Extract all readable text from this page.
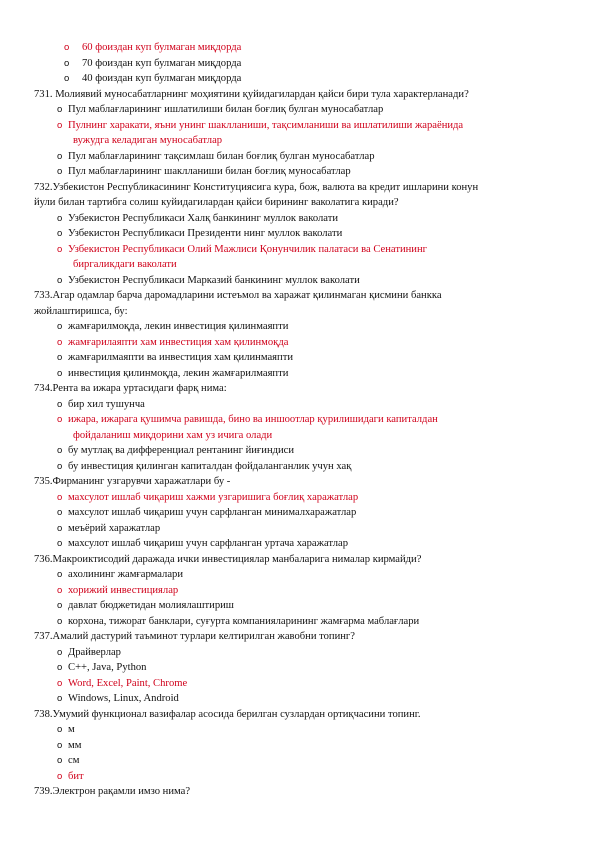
o 60 фоиздан куп булмаган миқдорда
o 70 фоиздан куп булмаган миқдорда
o 40 фоиздан куп булмаган миқдорда
731. Молиявий муносабатларнинг моҳиятини қуйидагилардан қайси бири тула характерланади?
o Пул маблағларининг ишлатилиши билан боғлиқ булган муносабатлар
o Пулнинг харакати, яъни унинг шаклланиши, тақсимланиши ва ишлатилиши жараёнида
вужудга келадиган муносабатлар
o Пул маблағларининг тақсимлаш билан боғлиқ булган муносабатлар
o Пул маблағларининг шаклланиши билан боғлиқ муносабатлар
732.Узбекистон Республикасининг Конституциясига кура, бож, валюта ва кредит ишларини конун
йули билан тартибга солиш куйидагилардан қайси бирининг ваколатига киради?
o Узбекистон Республикаси Халқ банкининг муллок ваколати
o Узбекистон Республикаси Президенти нинг муллок ваколати
o Узбекистон Республикаси Олий Мажлиси Қонунчилик палатаси ва Сенатининг
биргаликдаги ваколати
o Узбекистон Республикаси Марказий банкининг муллок ваколати
733.Агар одамлар барча даромадларини истеъмол ва харажат қилинмаган қисмини банкка
жойлаштиришса, бу:
o жамғарилмоқда, лекин инвестиция қилинмаяпти
o жамғарилаяпти хам инвестиция хам қилинмоқда
o жамғарилмаяпти ва инвестиция хам қилинмаяпти
o инвестиция қилинмоқда, лекин жамғарилмаяпти
734.Рента ва ижара уртасидаги фарқ нима:
o бир хил тушунча
o ижара, ижарага қушимча равишда, бино ва иншоотлар қурилишидаги капиталдан
фойдаланиш миқдорини хам уз ичига олади
o бу мутлақ ва дифференциал рентанинг йиғиндиси
o бу инвестиция қилинган капиталдан фойдаланганлик учун хақ
735.Фирманинг узгарувчи харажатлари бу -
o махсулот ишлаб чиқариш хажми узгаришига боғлиқ харажатлар
o махсулот ишлаб чиқариш учун сарфланган минималхаражатлар
o меъёрий харажатлар
o махсулот ишлаб чиқариш учун сарфланган уртача харажатлар
736.Макроиктисодий даражада ички инвестициялар манбаларига нималар кирмайди?
o ахолининг жамғармалари
o хорижий инвестициялар
o давлат бюджетидан молиялаштириш
o корхона, тижорат банклари, суғурта компанияларининг жамғарма маблағлари
737.Амалий дастурий таъминот турлари келтирилган жавобни топинг?
o Драйверлар
o C++, Java, Python
o Word, Excel, Paint, Chrome
o Windows, Linux, Android
738.Умумий функционал вазифалар асосида берилган сузлардан ортиқчасини топинг.
o м
o мм
o см
o бит
739.Электрон рақамли имзо нима?
